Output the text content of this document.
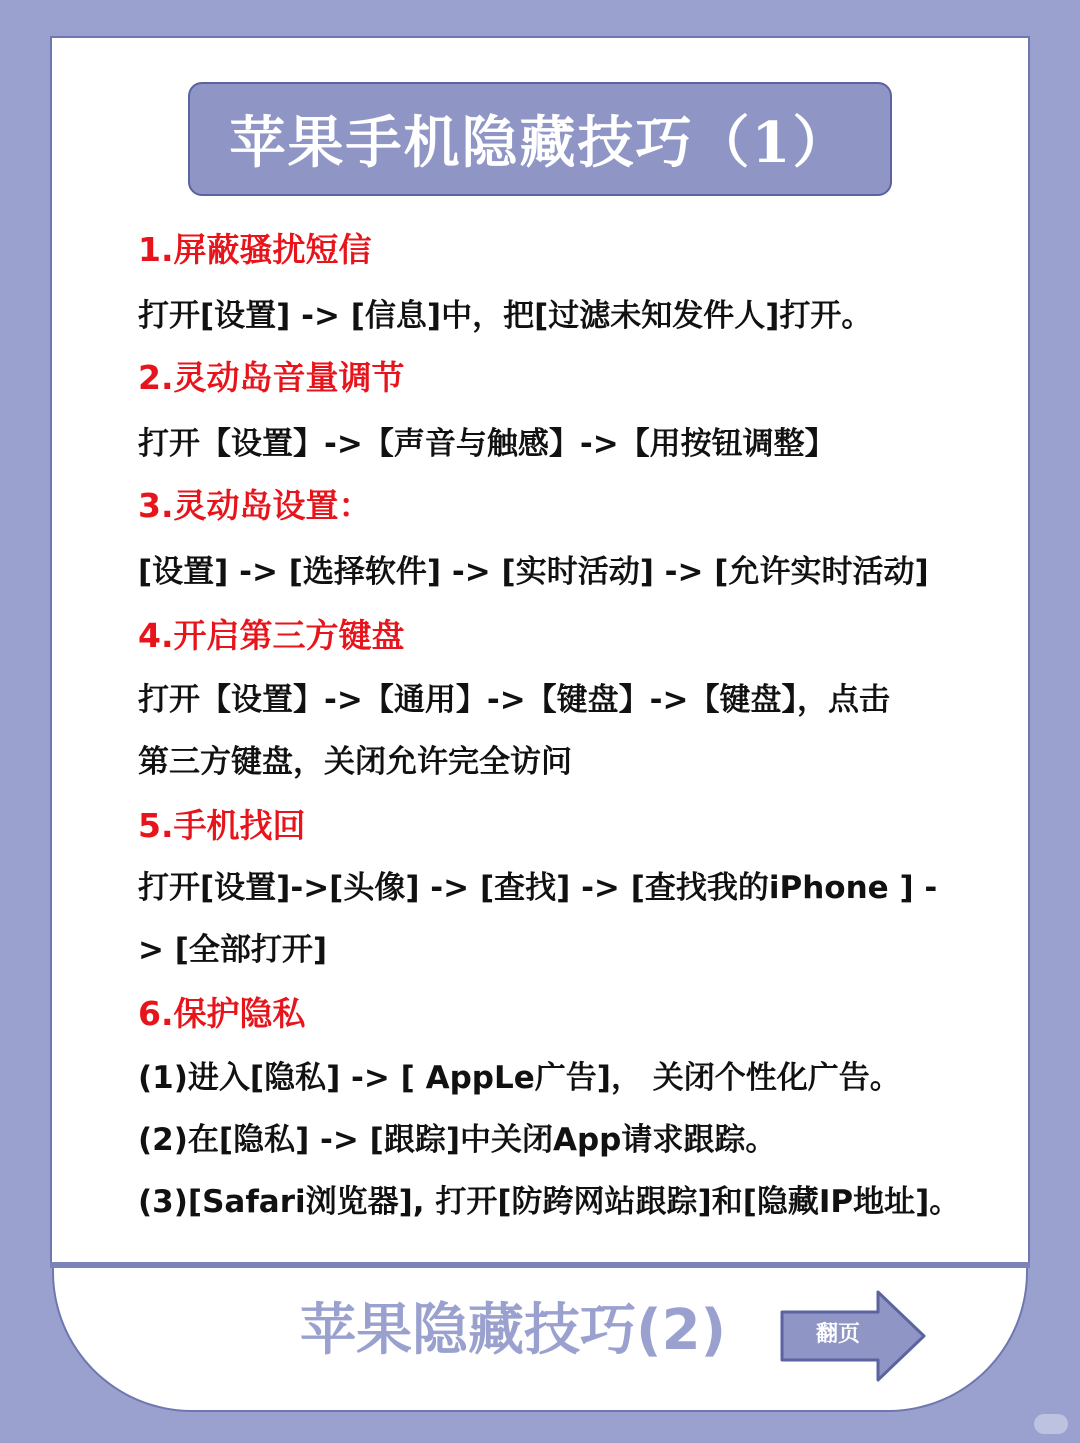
苹果手机隐藏技巧（1）

1.屏蔽骚扰短信

打开[设置] -> [信息]中，把[过滤未知发件人]打开。

2.灵动岛音量调节

打开【设置】->【声音与触感】->【用按钮调整】

3.灵动岛设置：

[设置] -> [选择软件] -> [实时活动] -> [允许实时活动]

4.开启第三方键盘

打开【设置】->【通用】->【键盘】->【键盘】，点击

第三方键盘，关闭允许完全访问

5.手机找回

打开[设置]->[头像] -> [查找] -> [查找我的iPhone ] -

> [全部打开]

6.保护隐私

(1)进入[隐私] -> [ AppLe广告]， 关闭个性化广告。

(2)在[隐私] -> [跟踪]中关闭App请求跟踪。

(3)[Safari浏览器], 打开[防跨网站跟踪]和[隐藏IP地址]。

苹果隐藏技巧(2)	翻页
